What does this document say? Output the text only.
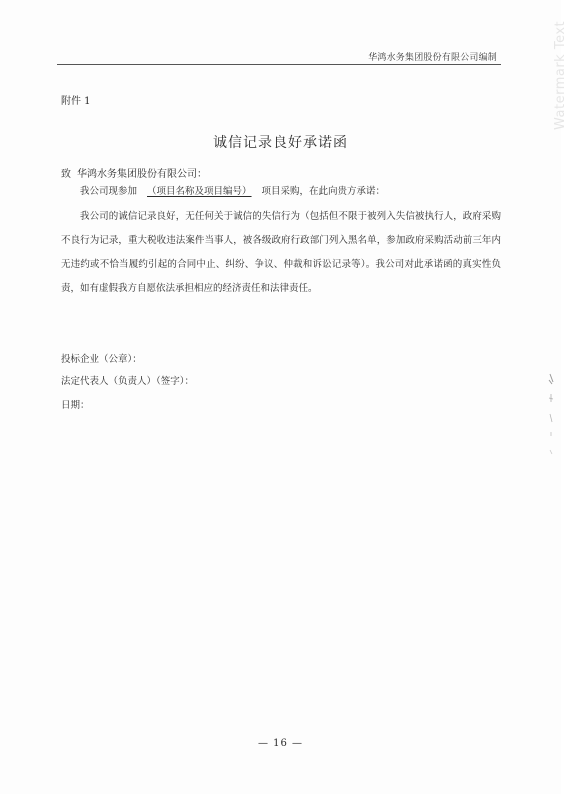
华鸿水务集团股份有限公司编制	Watermark Text
附件 1
诚信记录良好承诺函
致 华鸿水务集团股份有限公司：
我公司现参加 （项目名称及项目编号） 项目采购，在此向贵方承诺：
我公司的诚信记录良好，无任何关于诚信的失信行为（包括但不限于被列入失信被执行人，政府采购不良行为记录，重大税收违法案件当事人，被各级政府行政部门列入黑名单，参加政府采购活动前三年内无违约或不恰当履约引起的合同中止、纠纷、争议、仲裁和诉讼记录等）。我公司对此承诺函的真实性负责，如有虚假我方自愿依法承担相应的经济责任和法律责任。
投标企业（公章）：
法定代表人（负责人）（签字）：
日期：
— 16 —
